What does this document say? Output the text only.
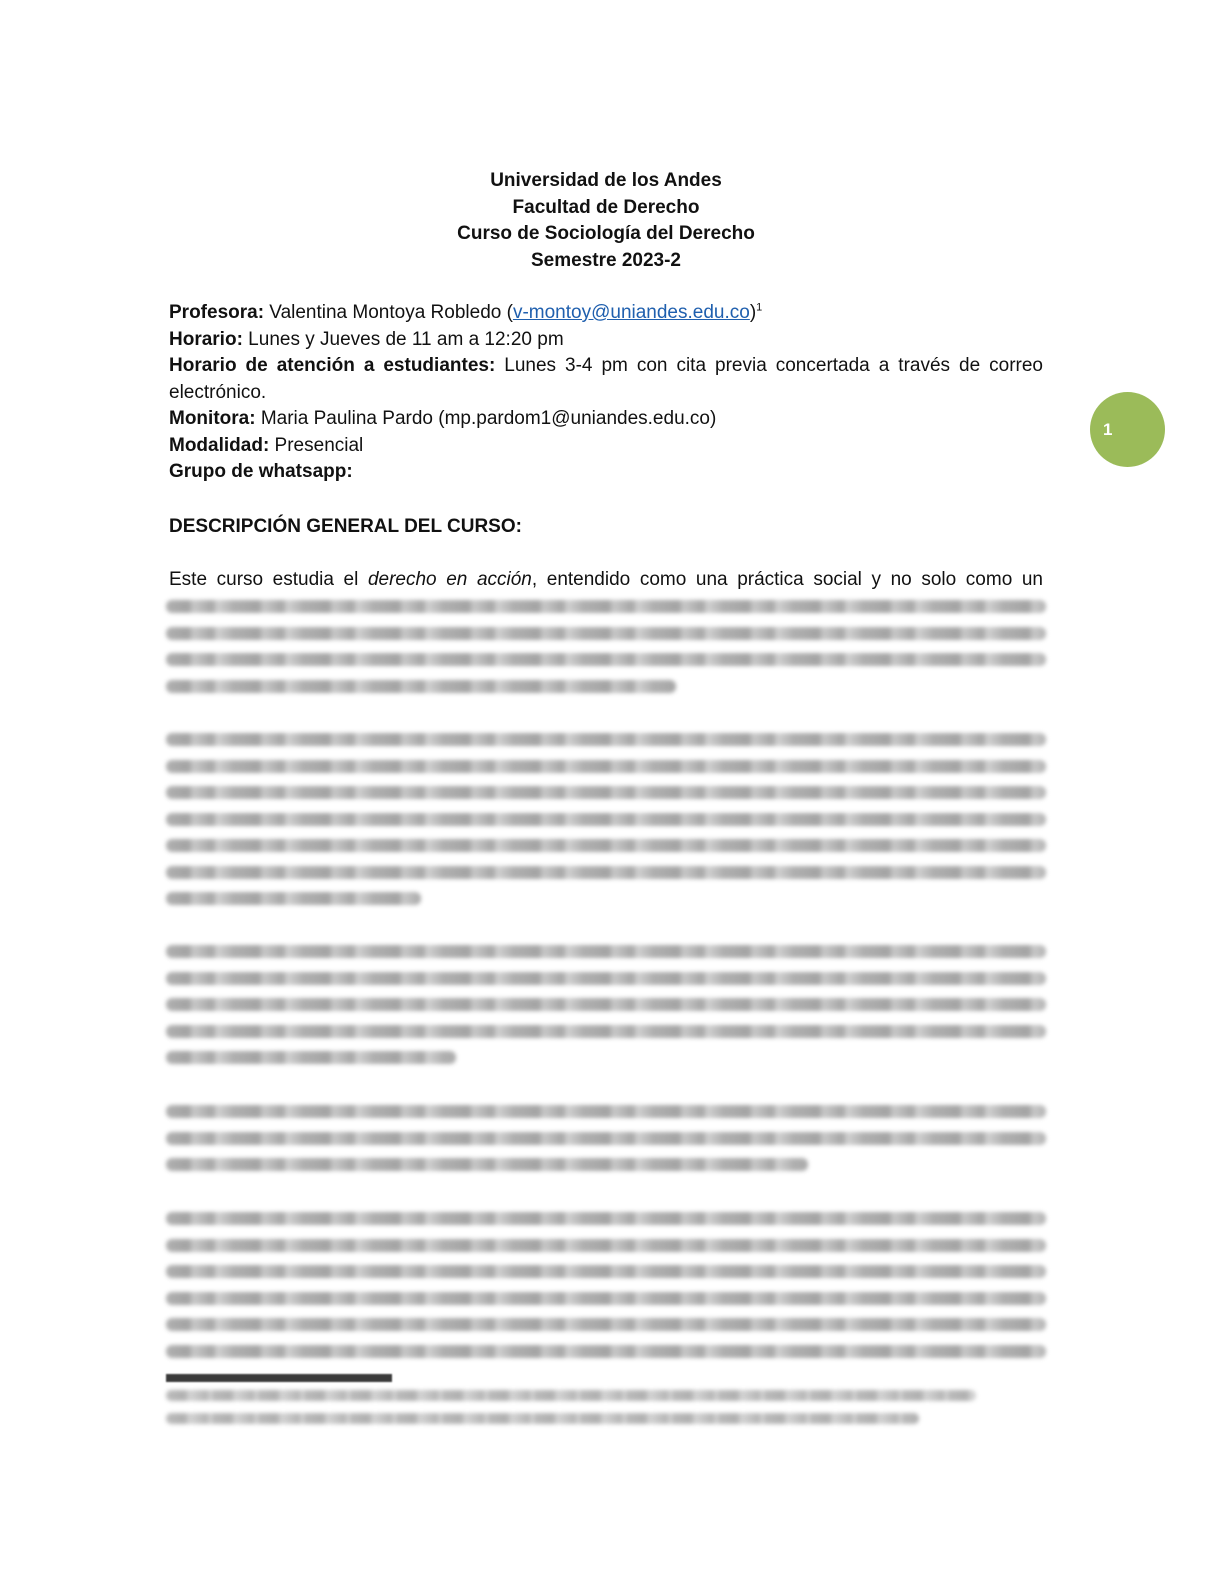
Universidad de los Andes
Facultad de Derecho
Curso de Sociología del Derecho
Semestre 2023-2

Profesora: Valentina Montoya Robledo (v-montoy@uniandes.edu.co)$^1$

Horario: Lunes y Jueves de 11 am a 12:20 pm

Horario de atención a estudiantes: Lunes 3-4 pm con cita previa concertada a través de correo electrónico.

Monitora: Maria Paulina Pardo (mp.pardom1@uniandes.edu.co)

Modalidad: Presencial

Grupo de whatsapp:

DESCRIPCIÓN GENERAL DEL CURSO:
Este curso estudia el derecho en acción, entendido como una práctica social y no solo como un
1
